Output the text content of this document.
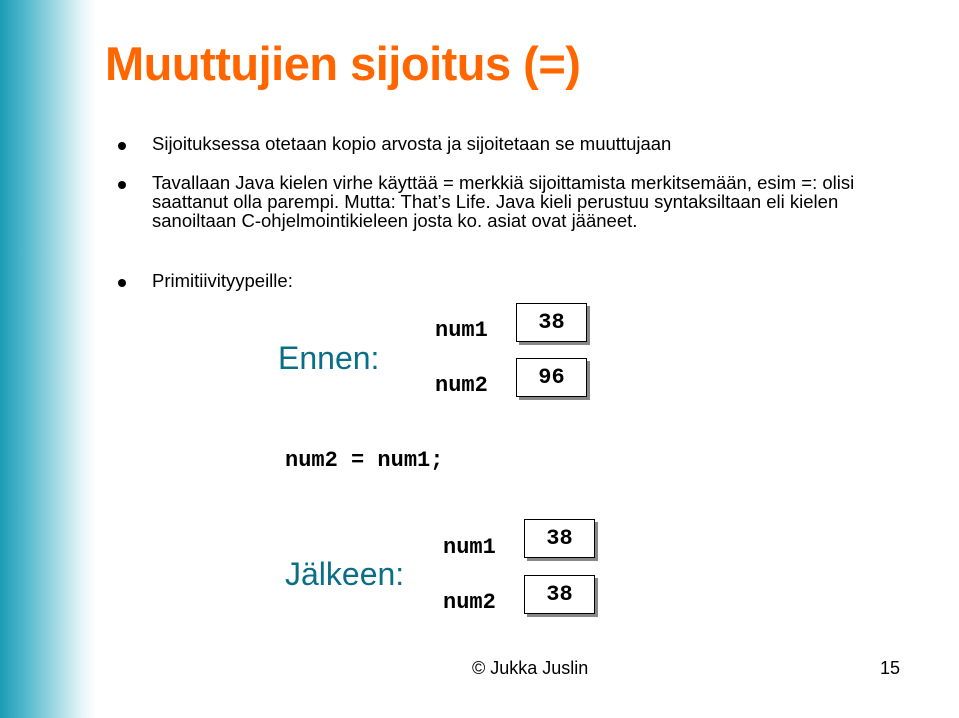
Muuttujien sijoitus (=)
Sijoituksessa otetaan kopio arvosta ja sijoitetaan se muuttujaan
Tavallaan Java kielen virhe käyttää = merkkiä sijoittamista merkitsemään, esim =: olisi saattanut olla parempi. Mutta: That’s Life. Java kieli perustuu syntaksiltaan eli kielen sanoiltaan C-ohjelmointikieleen josta ko. asiat ovat jääneet.
Primitiivityypeille:
Ennen:
num1 38
num2 96
num2 = num1;
Jälkeen:
num1 38
num2 38
© Jukka Juslin	15
